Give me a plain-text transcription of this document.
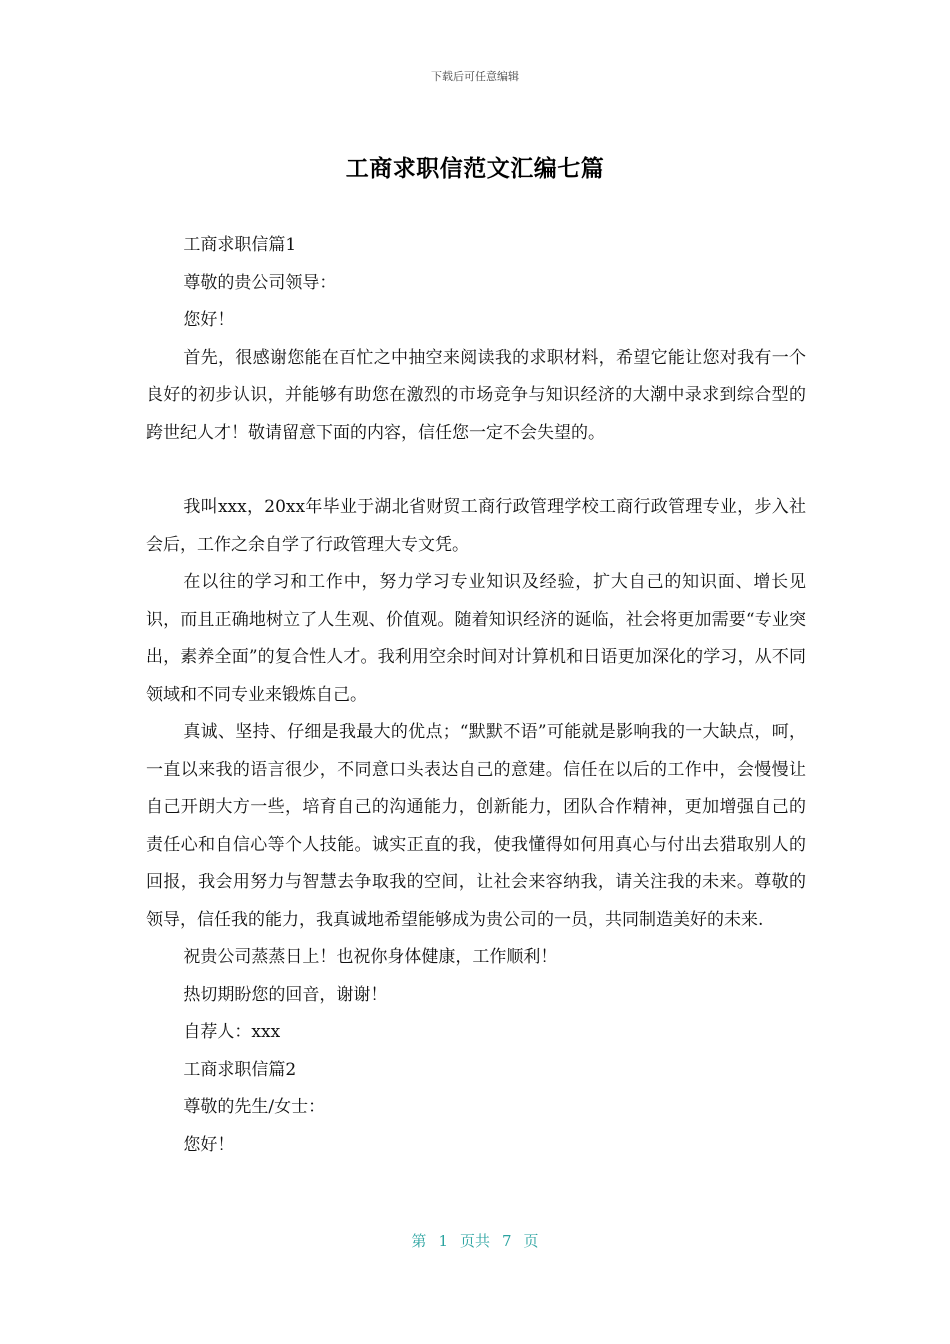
下载后可任意编辑
工商求职信范文汇编七篇

工商求职信篇1

尊敬的贵公司领导：

您好！

首先，很感谢您能在百忙之中抽空来阅读我的求职材料，希望它能让您对我有一个良好的初步认识，并能够有助您在激烈的市场竞争与知识经济的大潮中录求到综合型的跨世纪人才！敬请留意下面的内容，信任您一定不会失望的。

我叫xxx，20xx年毕业于湖北省财贸工商行政管理学校工商行政管理专业，步入社会后，工作之余自学了行政管理大专文凭。

在以往的学习和工作中，努力学习专业知识及经验，扩大自己的知识面、增长见识，而且正确地树立了人生观、价值观。随着知识经济的诞临，社会将更加需要“专业突出，素养全面”的复合性人才。我利用空余时间对计算机和日语更加深化的学习，从不同领域和不同专业来锻炼自己。

真诚、坚持、仔细是我最大的优点；“默默不语”可能就是影响我的一大缺点，呵，一直以来我的语言很少，不同意口头表达自己的意建。信任在以后的工作中，会慢慢让自己开朗大方一些，培育自己的沟通能力，创新能力，团队合作精神，更加增强自己的责任心和自信心等个人技能。诚实正直的我，使我懂得如何用真心与付出去猎取别人的回报，我会用努力与智慧去争取我的空间，让社会来容纳我，请关注我的未来。尊敬的领导，信任我的能力，我真诚地希望能够成为贵公司的一员，共同制造美好的未来.

祝贵公司蒸蒸日上！也祝你身体健康，工作顺利！

热切期盼您的回音，谢谢！

自荐人：xxx

工商求职信篇2

尊敬的先生/女士：

您好！

第 1 页共 7 页
